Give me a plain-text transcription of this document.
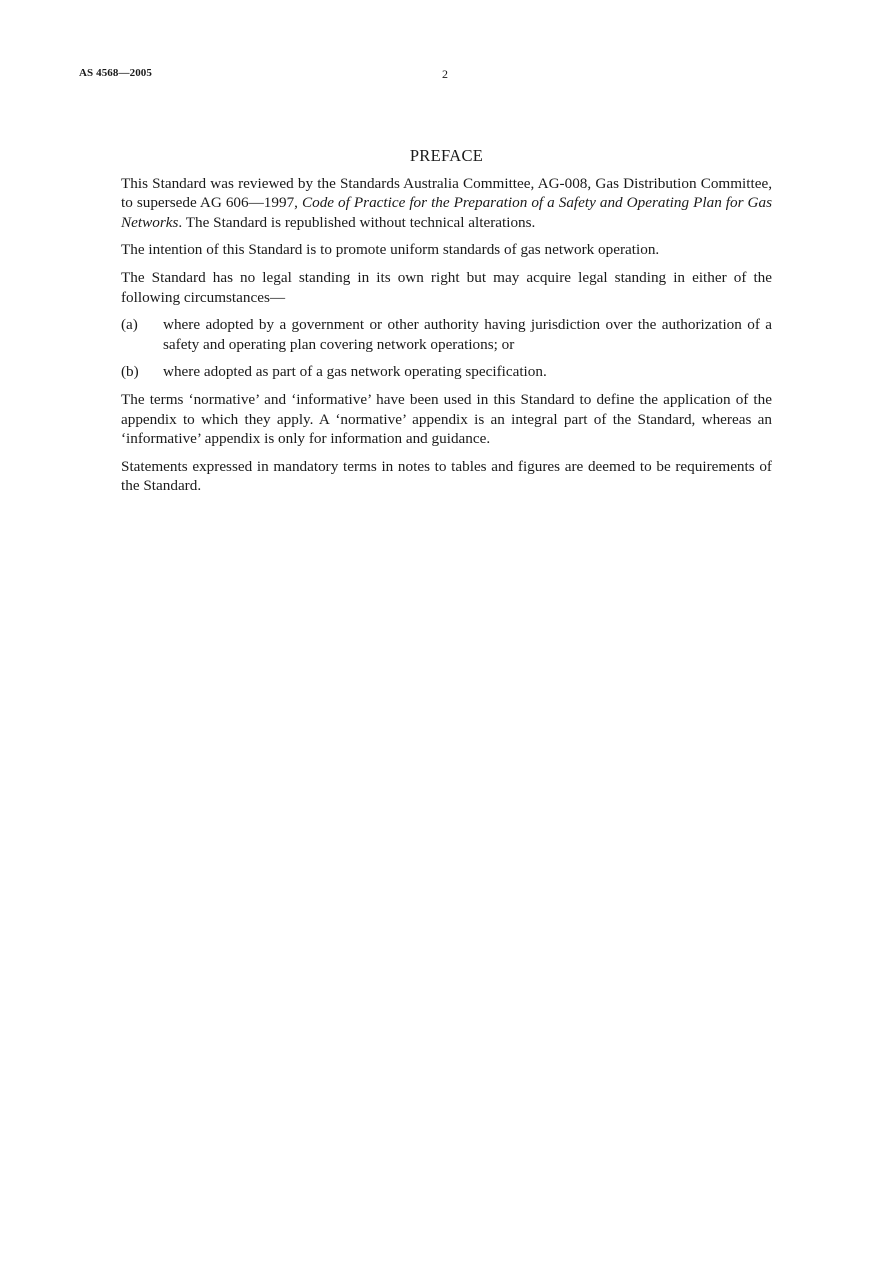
AS 4568—2005	2
PREFACE

This Standard was reviewed by the Standards Australia Committee, AG-008, Gas Distribution Committee, to supersede AG 606—1997, Code of Practice for the Preparation of a Safety and Operating Plan for Gas Networks. The Standard is republished without technical alterations.

The intention of this Standard is to promote uniform standards of gas network operation.

The Standard has no legal standing in its own right but may acquire legal standing in either of the following circumstances—

(a)	where adopted by a government or other authority having jurisdiction over the authorization of a safety and operating plan covering network operations; or
(b)	where adopted as part of a gas network operating specification.

The terms ‘normative’ and ‘informative’ have been used in this Standard to define the application of the appendix to which they apply. A ‘normative’ appendix is an integral part of the Standard, whereas an ‘informative’ appendix is only for information and guidance.

Statements expressed in mandatory terms in notes to tables and figures are deemed to be requirements of the Standard.
